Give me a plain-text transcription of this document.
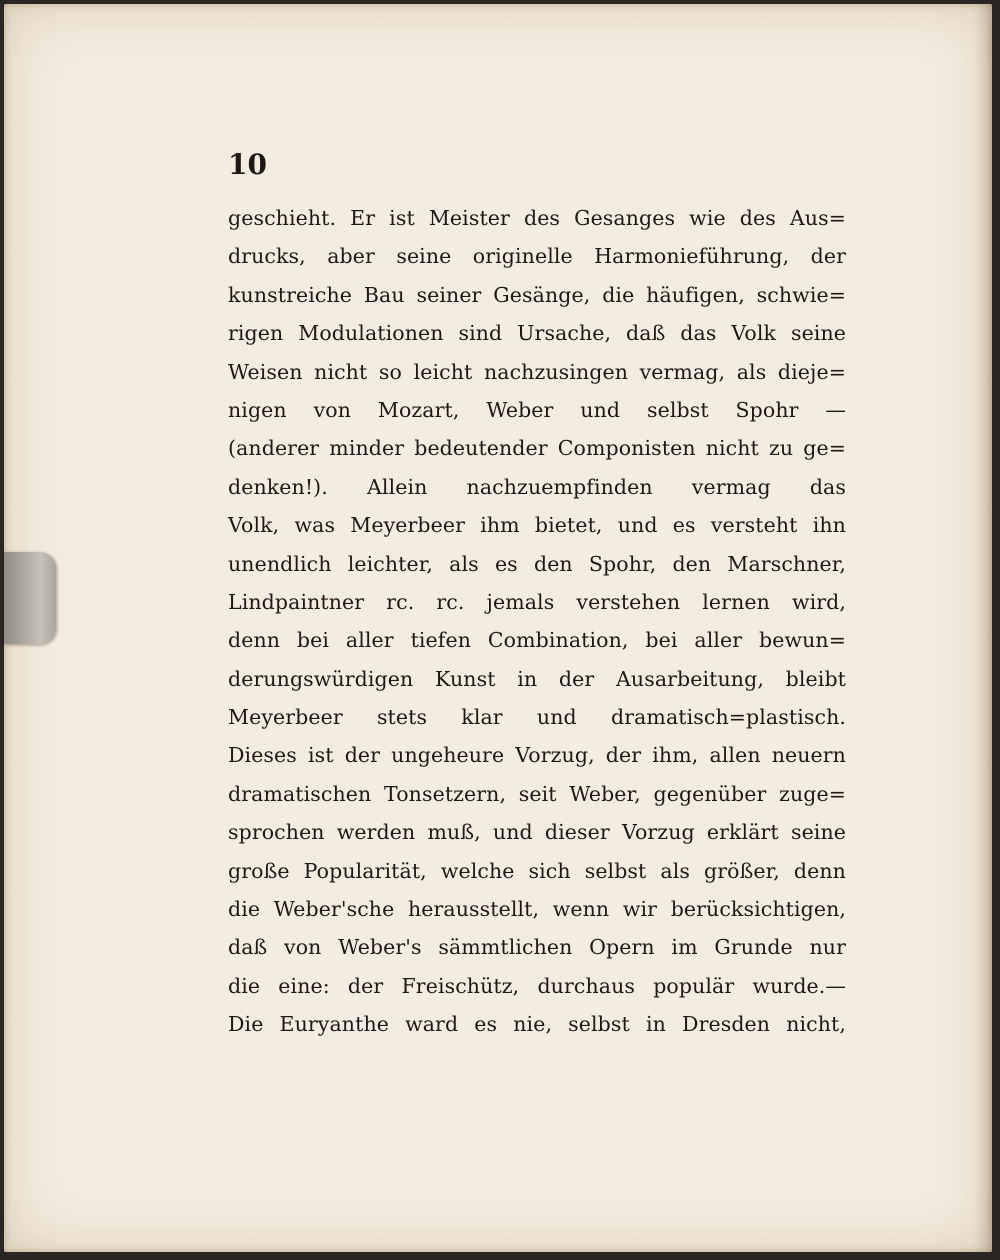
10
geschieht. Er ist Meister des Gesanges wie des Aus=
drucks, aber seine originelle Harmonieführung, der
kunstreiche Bau seiner Gesänge, die häufigen, schwie=
rigen Modulationen sind Ursache, daß das Volk seine
Weisen nicht so leicht nachzusingen vermag, als dieje=
nigen von Mozart, Weber und selbst Spohr —
(anderer minder bedeutender Componisten nicht zu ge=
denken!). Allein nachzuempfinden vermag das
Volk, was Meyerbeer ihm bietet, und es versteht ihn
unendlich leichter, als es den Spohr, den Marschner,
Lindpaintner rc. rc. jemals verstehen lernen wird,
denn bei aller tiefen Combination, bei aller bewun=
derungswürdigen Kunst in der Ausarbeitung, bleibt
Meyerbeer stets klar und dramatisch=plastisch.
Dieses ist der ungeheure Vorzug, der ihm, allen neuern
dramatischen Tonsetzern, seit Weber, gegenüber zuge=
sprochen werden muß, und dieser Vorzug erklärt seine
große Popularität, welche sich selbst als größer, denn
die Weber'sche herausstellt, wenn wir berücksichtigen,
daß von Weber's sämmtlichen Opern im Grunde nur
die eine: der Freischütz, durchaus populär wurde.—
Die Euryanthe ward es nie, selbst in Dresden nicht,
